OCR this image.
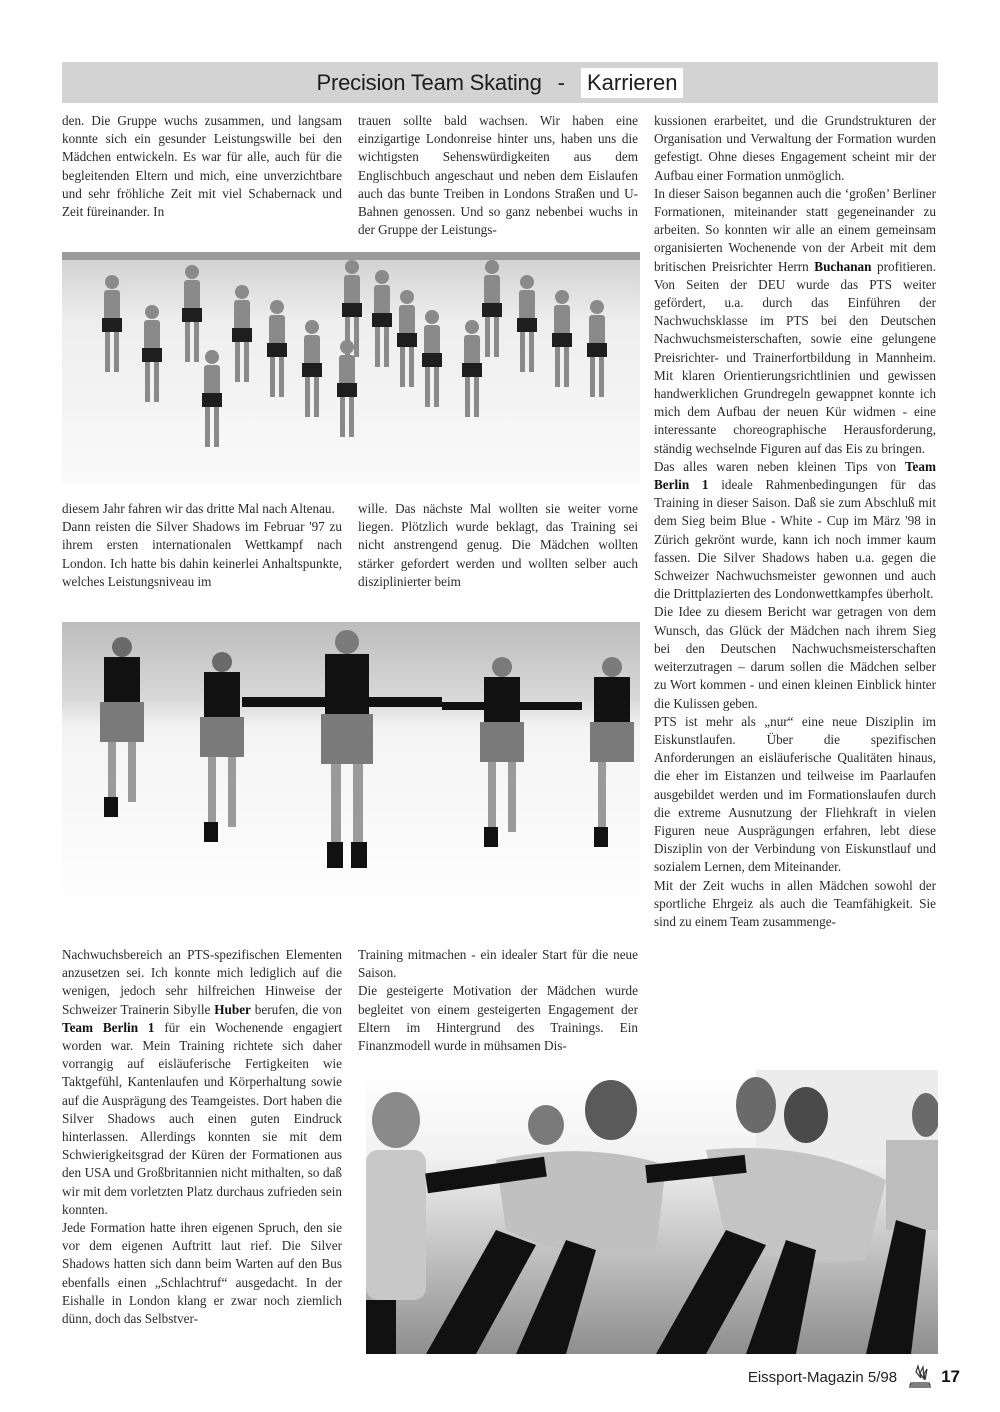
Precision Team Skating - Karrieren

den. Die Gruppe wuchs zusammen, und langsam konnte sich ein gesunder Leistungswille bei den Mädchen entwickeln. Es war für alle, auch für die begleitenden Eltern und mich, eine unverzichtbare und sehr fröhliche Zeit mit viel Schabernack und Zeit füreinander. In

trauen sollte bald wachsen. Wir haben eine einzigartige Londonreise hinter uns, haben uns die wichtigsten Sehenswürdigkeiten aus dem Englischbuch angeschaut und neben dem Eislaufen auch das bunte Treiben in Londons Straßen und U-Bahnen genossen. Und so ganz nebenbei wuchs in der Gruppe der Leistungs-

kussionen erarbeitet, und die Grundstrukturen der Organisation und Verwaltung der Formation wurden gefestigt. Ohne dieses Engagement scheint mir der Aufbau einer Formation unmöglich.

In dieser Saison begannen auch die ‘großen’ Berliner Formationen, miteinander statt gegeneinander zu arbeiten. So konnten wir alle an einem gemeinsam organisierten Wochenende von der Arbeit mit dem britischen Preisrichter Herrn Buchanan profitieren. Von Seiten der DEU wurde das PTS weiter gefördert, u.a. durch das Einführen der Nachwuchsklasse im PTS bei den Deutschen Nachwuchsmeisterschaften, sowie eine gelungene Preisrichter- und Trainerfortbildung in Mannheim. Mit klaren Orientierungsrichtlinien und gewissen handwerklichen Grundregeln gewappnet konnte ich mich dem Aufbau der neuen Kür widmen - eine interessante choreographische Herausforderung, ständig wechselnde Figuren auf das Eis zu bringen.

Das alles waren neben kleinen Tips von Team Berlin 1 ideale Rahmenbedingungen für das Training in dieser Saison. Daß sie zum Abschluß mit dem Sieg beim Blue - White - Cup im März '98 in Zürich gekrönt wurde, kann ich noch immer kaum fassen. Die Silver Shadows haben u.a. gegen die Schweizer Nachwuchsmeister gewonnen und auch die Drittplazierten des Londonwettkampfes überholt.

Die Idee zu diesem Bericht war getragen von dem Wunsch, das Glück der Mädchen nach ihrem Sieg bei den Deutschen Nachwuchsmeisterschaften weiterzutragen – darum sollen die Mädchen selber zu Wort kommen - und einen kleinen Einblick hinter die Kulissen geben.

PTS ist mehr als „nur“ eine neue Disziplin im Eiskunstlaufen. Über die spezifischen Anforderungen an eisläuferische Qualitäten hinaus, die eher im Eistanzen und teilweise im Paarlaufen ausgebildet werden und im Formationslaufen durch die extreme Ausnutzung der Fliehkraft in vielen Figuren neue Ausprägungen erfahren, lebt diese Disziplin von der Verbindung von Eiskunstlauf und sozialem Lernen, dem Miteinander.

Mit der Zeit wuchs in allen Mädchen sowohl der sportliche Ehrgeiz als auch die Teamfähigkeit. Sie sind zu einem Team zusammenge-

diesem Jahr fahren wir das dritte Mal nach Altenau.

Dann reisten die Silver Shadows im Februar '97 zu ihrem ersten internationalen Wettkampf nach London. Ich hatte bis dahin keinerlei Anhaltspunkte, welches Leistungsniveau im

wille. Das nächste Mal wollten sie weiter vorne liegen. Plötzlich wurde beklagt, das Training sei nicht anstrengend genug. Die Mädchen wollten stärker gefordert werden und wollten selber auch disziplinierter beim

Nachwuchsbereich an PTS-spezifischen Elementen anzusetzen sei. Ich konnte mich lediglich auf die wenigen, jedoch sehr hilfreichen Hinweise der Schweizer Trainerin Sibylle Huber berufen, die von Team Berlin 1 für ein Wochenende engagiert worden war. Mein Training richtete sich daher vorrangig auf eisläuferische Fertigkeiten wie Taktgefühl, Kantenlaufen und Körperhaltung sowie auf die Ausprägung des Teamgeistes. Dort haben die Silver Shadows auch einen guten Eindruck hinterlassen. Allerdings konnten sie mit dem Schwierigkeitsgrad der Küren der Formationen aus den USA und Großbritannien nicht mithalten, so daß wir mit dem vorletzten Platz durchaus zufrieden sein konnten.

Jede Formation hatte ihren eigenen Spruch, den sie vor dem eigenen Auftritt laut rief. Die Silver Shadows hatten sich dann beim Warten auf den Bus ebenfalls einen „Schlachtruf“ ausgedacht. In der Eishalle in London klang er zwar noch ziemlich dünn, doch das Selbstver-

Training mitmachen - ein idealer Start für die neue Saison.

Die gesteigerte Motivation der Mädchen wurde begleitet von einem gesteigerten Engagement der Eltern im Hintergrund des Trainings. Ein Finanzmodell wurde in mühsamen Dis-

Eissport-Magazin 5/98	17
